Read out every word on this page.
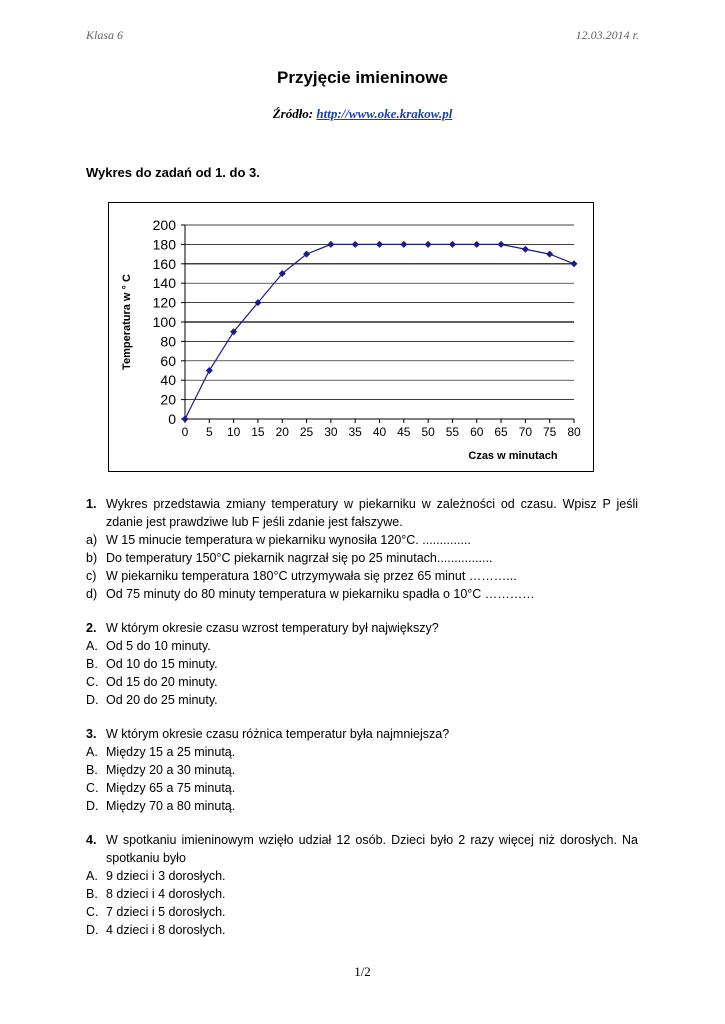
Klasa 6	12.03.2014 r.
Przyjęcie imieninowe
Źródło: http://www.oke.krakow.pl
Wykres do zadań od 1. do 3.
0 5 10 15 20 25 30 35 40 45 50 55 60 65 70 75 80
0
20
40
60
80
100
120
140
160
180
200
Temperatura w ° C
Czas w minutach
1. Wykres przedstawia zmiany temperatury w piekarniku w zależności od czasu. Wpisz P jeśli zdanie jest prawdziwe lub F jeśli zdanie jest fałszywe.
a) W 15 minucie temperatura w piekarniku wynosiła 120°C. ..............
b) Do temperatury 150°C piekarnik nagrzał się po 25 minutach................
c) W piekarniku temperatura 180°C utrzymywała się przez 65 minut ………...
d) Od 75 minuty do 80 minuty temperatura w piekarniku spadła o 10°C …………
2. W którym okresie czasu wzrost temperatury był największy?
A. Od 5 do 10 minuty.
B. Od 10 do 15 minuty.
C. Od 15 do 20 minuty.
D. Od 20 do 25 minuty.
3. W którym okresie czasu różnica temperatur była najmniejsza?
A. Między 15 a 25 minutą.
B. Między 20 a 30 minutą.
C. Między 65 a 75 minutą.
D. Między 70 a 80 minutą.
4. W spotkaniu imieninowym wzięło udział 12 osób. Dzieci było 2 razy więcej niż dorosłych. Na spotkaniu było
A. 9 dzieci i 3 dorosłych.
B. 8 dzieci i 4 dorosłych.
C. 7 dzieci i 5 dorosłych.
D. 4 dzieci i 8 dorosłych.
1/2
